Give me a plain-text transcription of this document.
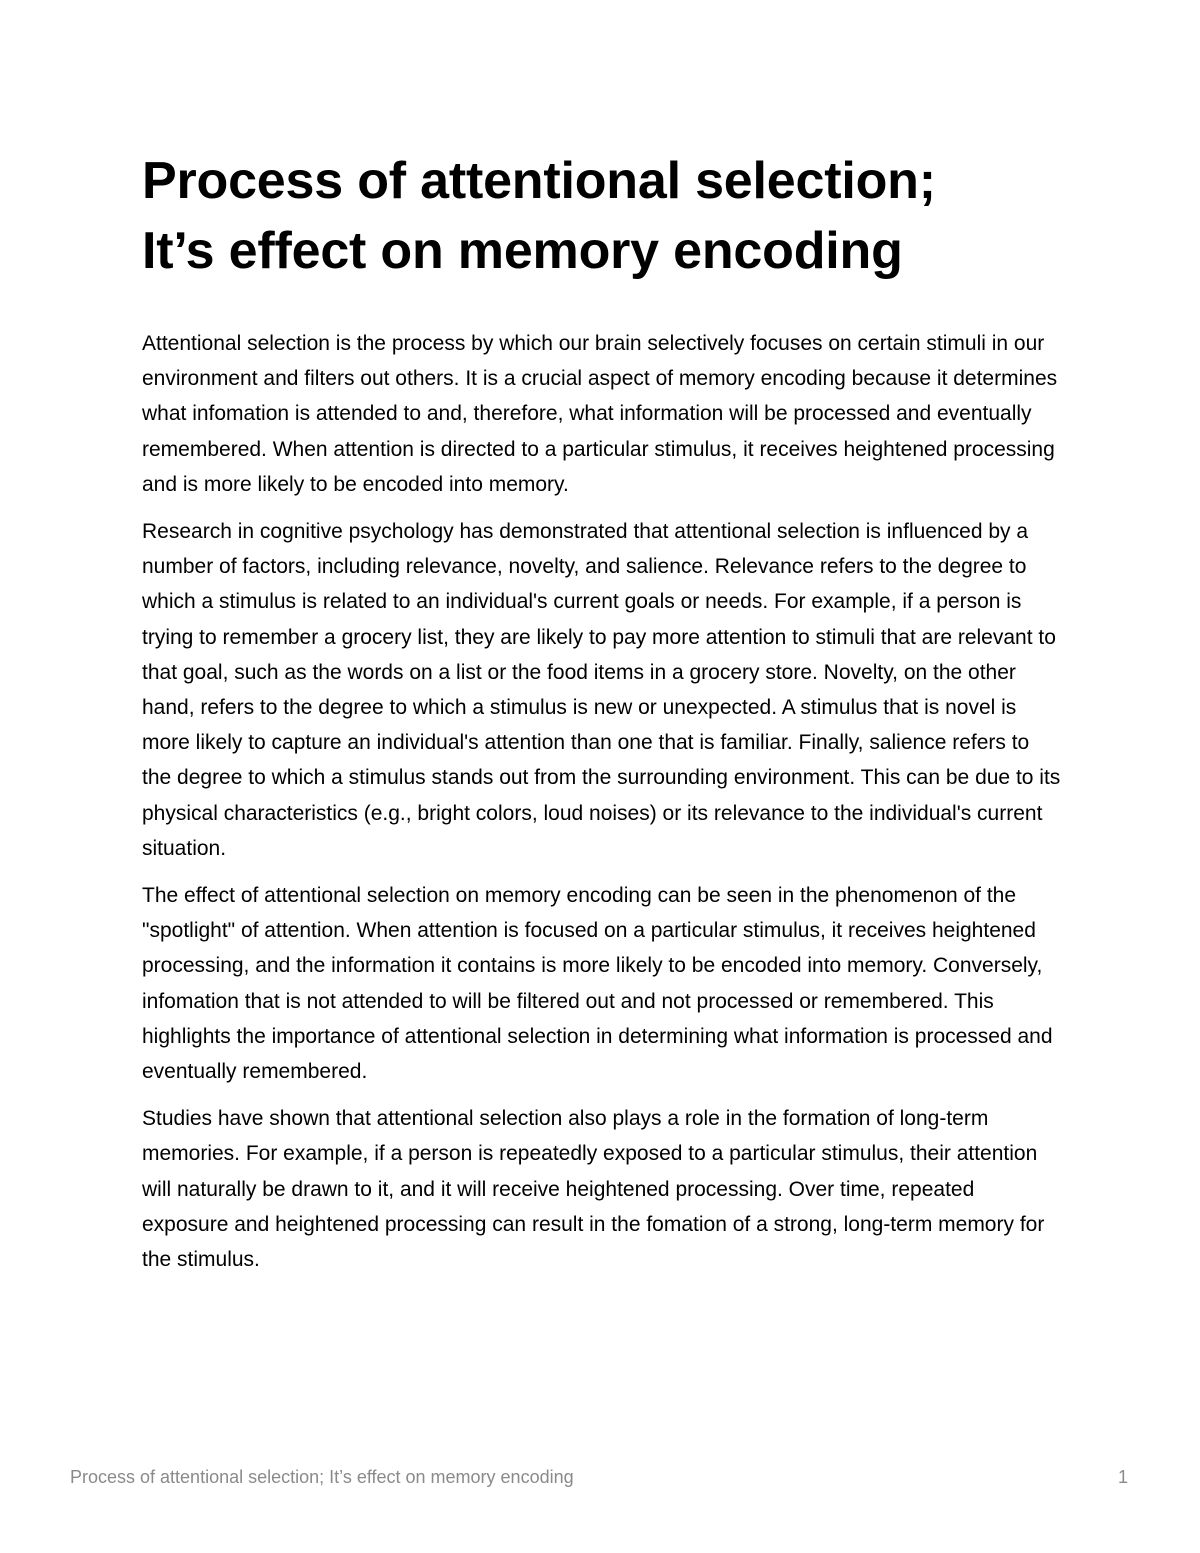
Process of attentional selection;
It’s effect on memory encoding

Attentional selection is the process by which our brain selectively focuses on certain stimuli in our environment and filters out others. It is a crucial aspect of memory encoding because it determines what infomation is attended to and, therefore, what information will be processed and eventually remembered. When attention is directed to a particular stimulus, it receives heightened processing and is more likely to be encoded into memory.

Research in cognitive psychology has demonstrated that attentional selection is influenced by a number of factors, including relevance, novelty, and salience. Relevance refers to the degree to which a stimulus is related to an individual's current goals or needs. For example, if a person is trying to remember a grocery list, they are likely to pay more attention to stimuli that are relevant to that goal, such as the words on a list or the food items in a grocery store. Novelty, on the other hand, refers to the degree to which a stimulus is new or unexpected. A stimulus that is novel is more likely to capture an individual's attention than one that is familiar. Finally, salience refers to the degree to which a stimulus stands out from the surrounding environment. This can be due to its physical characteristics (e.g., bright colors, loud noises) or its relevance to the individual's current situation.

The effect of attentional selection on memory encoding can be seen in the phenomenon of the "spotlight" of attention. When attention is focused on a particular stimulus, it receives heightened processing, and the information it contains is more likely to be encoded into memory. Conversely, infomation that is not attended to will be filtered out and not processed or remembered. This highlights the importance of attentional selection in determining what information is processed and eventually remembered.

Studies have shown that attentional selection also plays a role in the formation of long-term memories. For example, if a person is repeatedly exposed to a particular stimulus, their attention will naturally be drawn to it, and it will receive heightened processing. Over time, repeated exposure and heightened processing can result in the fomation of a strong, long-term memory for the stimulus.

Process of attentional selection; It’s effect on memory encoding	1
